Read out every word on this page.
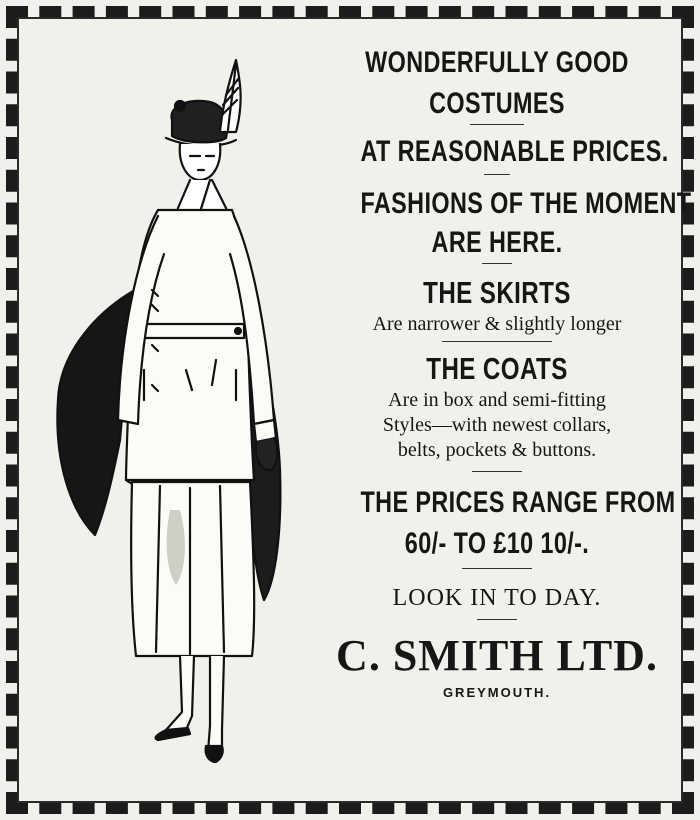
WONDERFULLY GOOD
COSTUMES
AT REASONABLE PRICES.
FASHIONS OF THE MOMENT
ARE HERE.
THE SKIRTS
Are narrower & slightly longer
THE COATS
Are in box and semi-fitting
Styles—with newest collars,
belts, pockets & buttons.
THE PRICES RANGE FROM
60/- TO £10 10/-.
LOOK IN TO DAY.
C. SMITH LTD.
GREYMOUTH.
